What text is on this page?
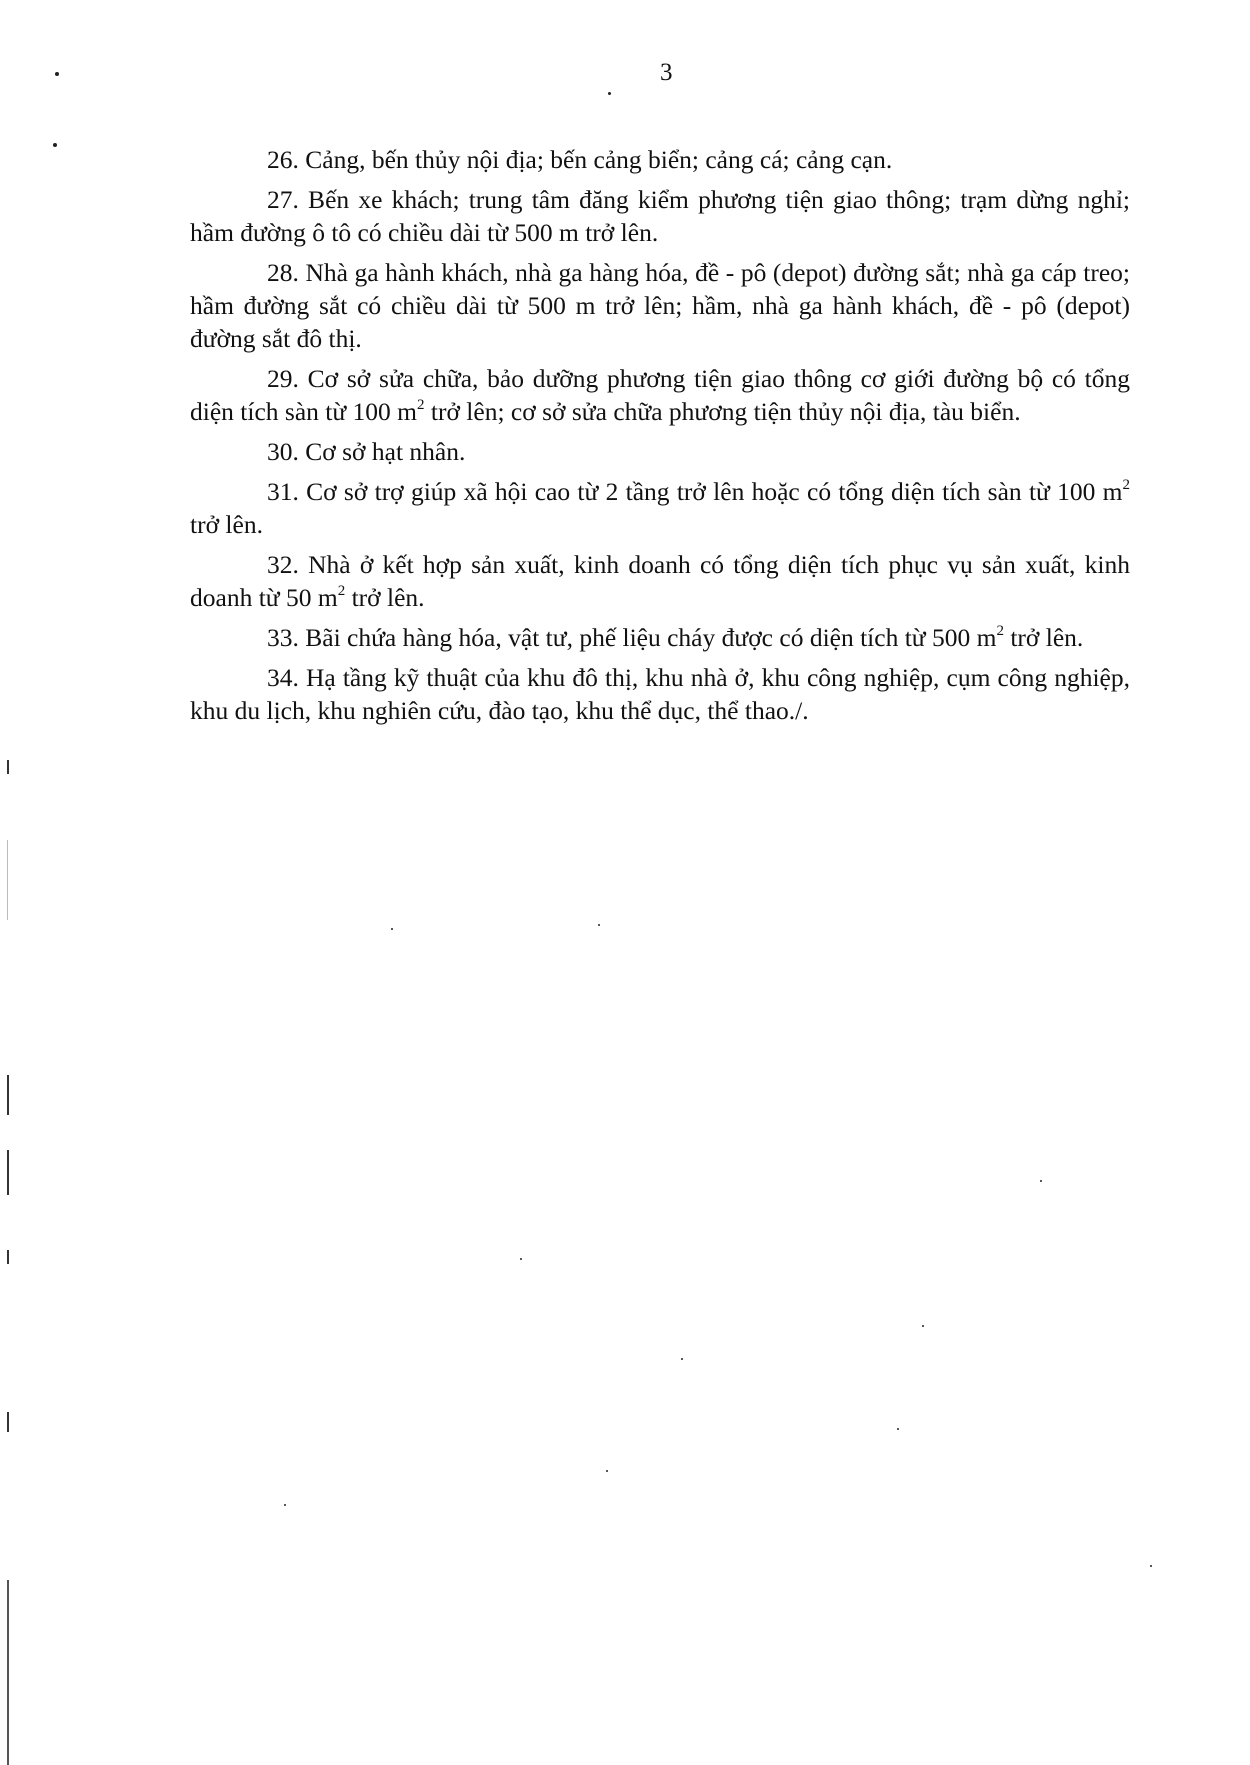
3

26. Cảng, bến thủy nội địa; bến cảng biển; cảng cá; cảng cạn.

27. Bến xe khách; trung tâm đăng kiểm phương tiện giao thông; trạm dừng nghỉ; hầm đường ô tô có chiều dài từ 500 m trở lên.

28. Nhà ga hành khách, nhà ga hàng hóa, đề - pô (depot) đường sắt; nhà ga cáp treo; hầm đường sắt có chiều dài từ 500 m trở lên; hầm, nhà ga hành khách, đề - pô (depot) đường sắt đô thị.

29. Cơ sở sửa chữa, bảo dưỡng phương tiện giao thông cơ giới đường bộ có tổng diện tích sàn từ 100 $m^2$ trở lên; cơ sở sửa chữa phương tiện thủy nội địa, tàu biển.

30. Cơ sở hạt nhân.

31. Cơ sở trợ giúp xã hội cao từ 2 tầng trở lên hoặc có tổng diện tích sàn từ 100 $m^2$ trở lên.

32. Nhà ở kết hợp sản xuất, kinh doanh có tổng diện tích phục vụ sản xuất, kinh doanh từ 50 $m^2$ trở lên.

33. Bãi chứa hàng hóa, vật tư, phế liệu cháy được có diện tích từ 500 $m^2$ trở lên.

34. Hạ tầng kỹ thuật của khu đô thị, khu nhà ở, khu công nghiệp, cụm công nghiệp, khu du lịch, khu nghiên cứu, đào tạo, khu thể dục, thể thao./.
